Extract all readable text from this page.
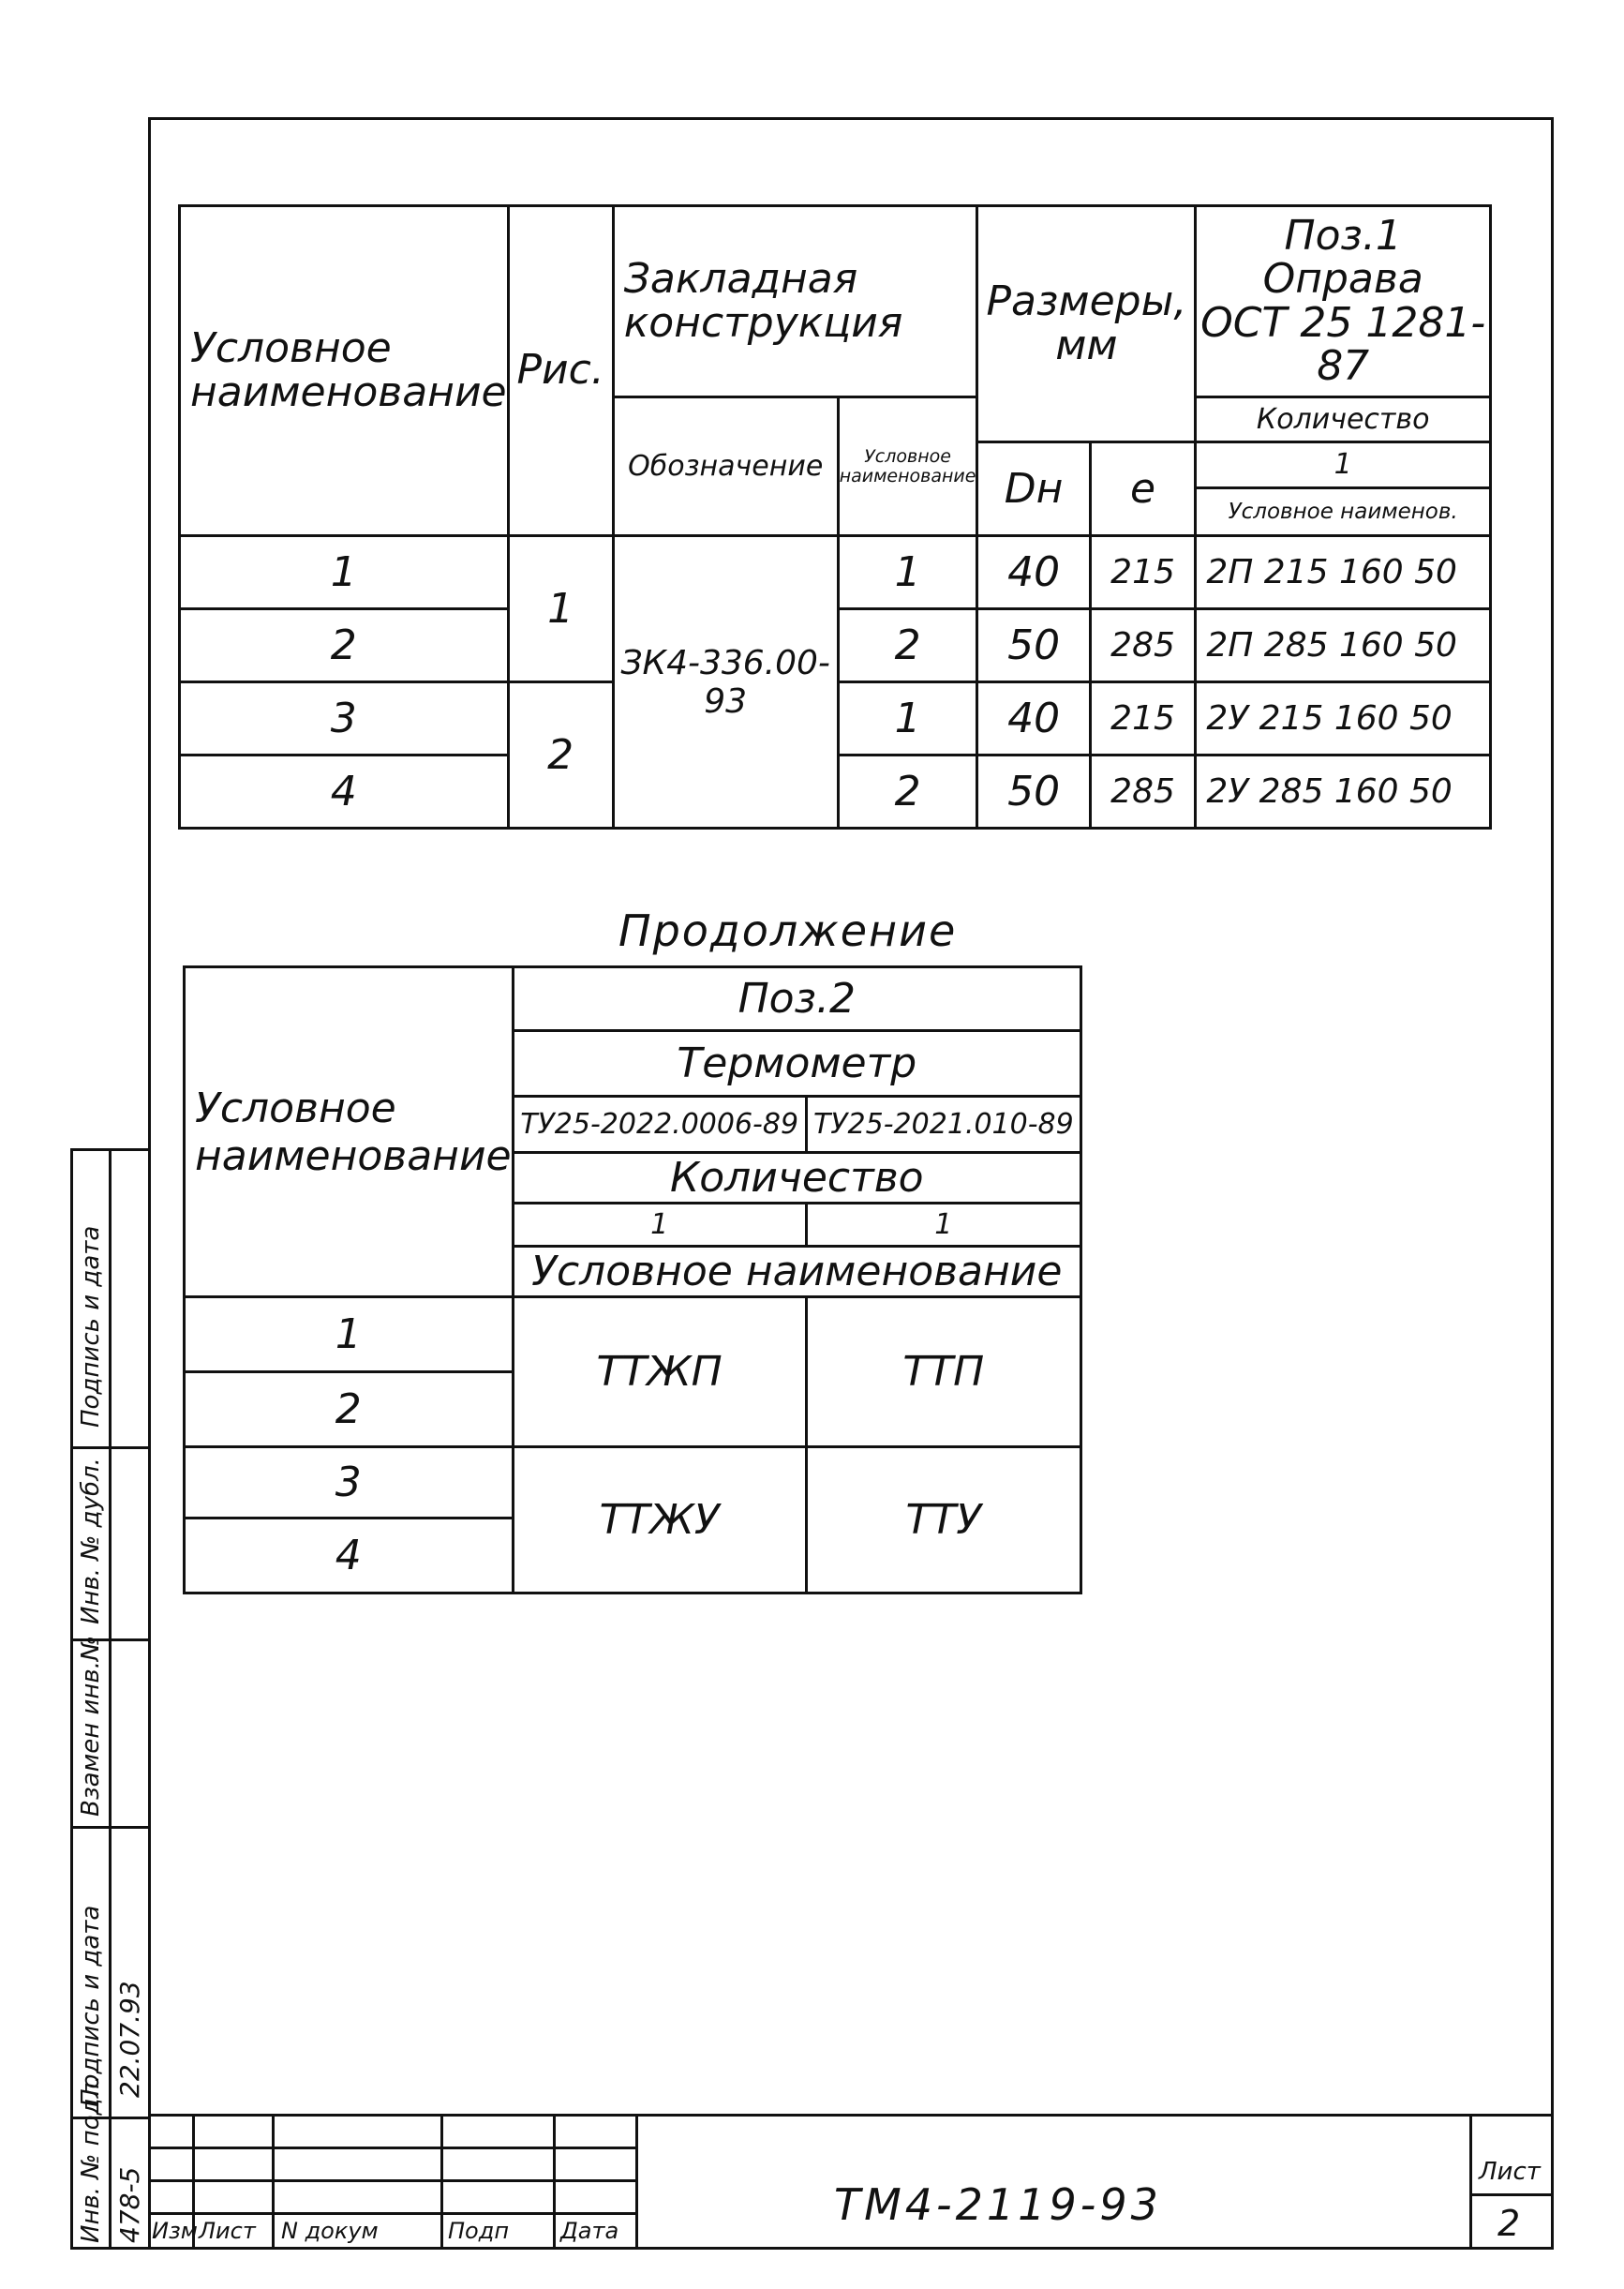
Условное наименование	Рис.	Закладная конструкция		Размеры, мм		Поз.1
Оправа
ОСТ 25 1281-87

		Обозначение	Условное наименование			Количество
				Dн	e	1
Условное наименов.

1	1	ЗК4-336.00-93	1	40	215	2П 215 160 50
2			2	50	285	2П 285 160 50
3	2		1	40	215	2У 215 160 50
4			2	50	285	2У 285 160 50
Продолжение
Условное наименование	Поз.2	
	Термометр	
	ТУ25-2022.0006-89	ТУ25-2021.010-89
	Количество	
	1	1
	Условное наименование	
1	ТТЖП	ТТП
2		
3	ТТЖУ	ТТУ
4		
Подпись и дата
Инв. № дубл.
Взамен инв.№
Подпись и дата
Инв. № подл. 478-5
22.07.93
Изм Лист N докум	Подп Дата
ТМ4-2119-93
Лист
2
